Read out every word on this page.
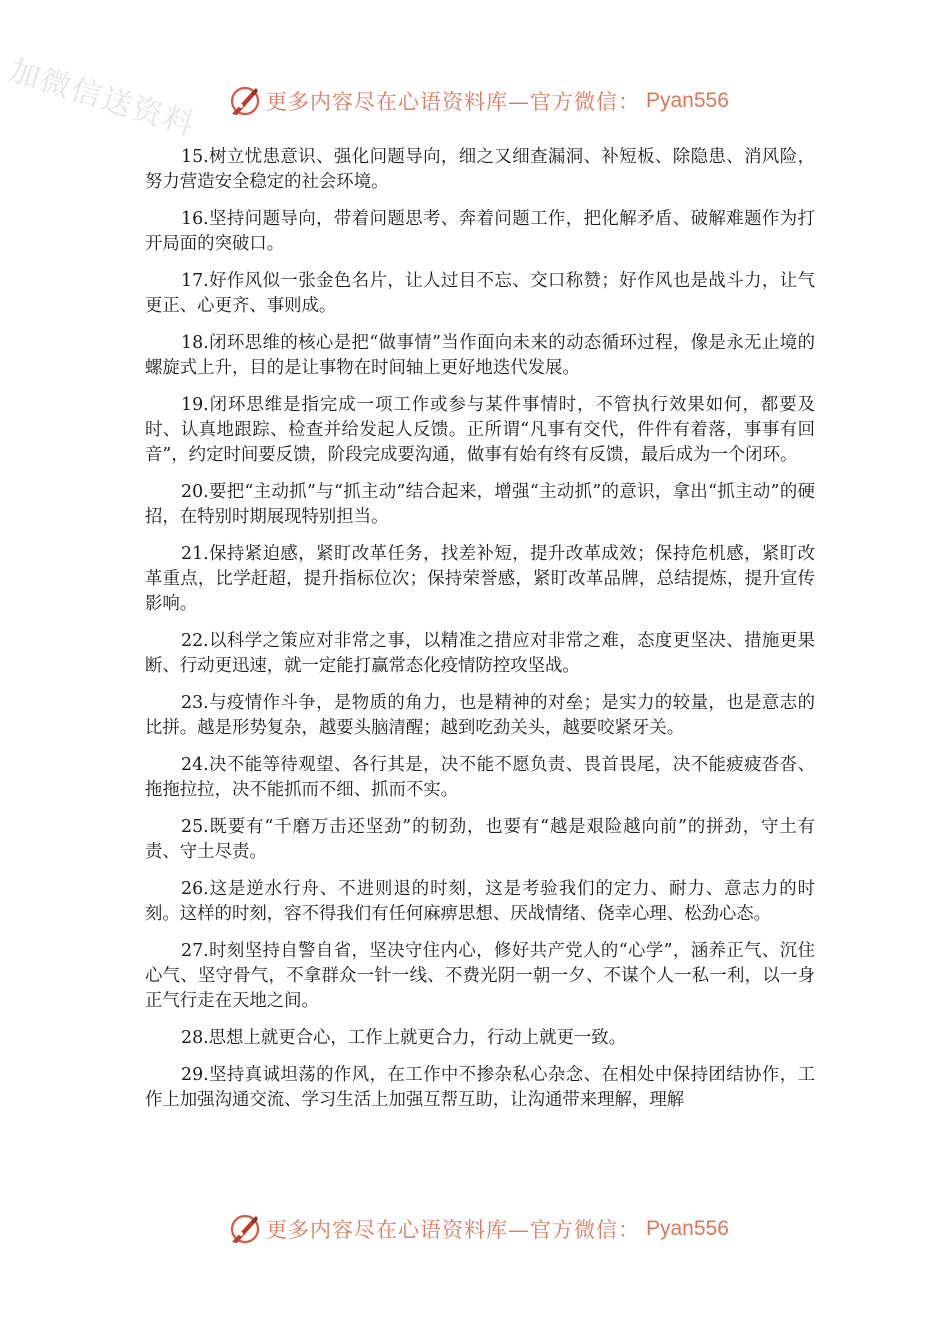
加微信送资料	更多内容尽在心语资料库—官方微信： Pyan556

15.树立忧患意识、强化问题导向，细之又细查漏洞、补短板、除隐患、消风险，努力营造安全稳定的社会环境。

16.坚持问题导向，带着问题思考、奔着问题工作，把化解矛盾、破解难题作为打开局面的突破口。

17.好作风似一张金色名片，让人过目不忘、交口称赞；好作风也是战斗力，让气更正、心更齐、事则成。

18.闭环思维的核心是把“做事情”当作面向未来的动态循环过程，像是永无止境的螺旋式上升，目的是让事物在时间轴上更好地迭代发展。

19.闭环思维是指完成一项工作或参与某件事情时，不管执行效果如何，都要及时、认真地跟踪、检查并给发起人反馈。正所谓“凡事有交代，件件有着落，事事有回音”，约定时间要反馈，阶段完成要沟通，做事有始有终有反馈，最后成为一个闭环。

20.要把“主动抓”与“抓主动”结合起来，增强“主动抓”的意识，拿出“抓主动”的硬招，在特别时期展现特别担当。

21.保持紧迫感，紧盯改革任务，找差补短，提升改革成效；保持危机感，紧盯改革重点，比学赶超，提升指标位次；保持荣誉感，紧盯改革品牌，总结提炼，提升宣传影响。

22.以科学之策应对非常之事，以精准之措应对非常之难，态度更坚决、措施更果断、行动更迅速，就一定能打赢常态化疫情防控攻坚战。

23.与疫情作斗争，是物质的角力，也是精神的对垒；是实力的较量，也是意志的比拼。越是形势复杂，越要头脑清醒；越到吃劲关头，越要咬紧牙关。

24.决不能等待观望、各行其是，决不能不愿负责、畏首畏尾，决不能疲疲沓沓、拖拖拉拉，决不能抓而不细、抓而不实。

25.既要有“千磨万击还坚劲”的韧劲，也要有“越是艰险越向前”的拼劲，守土有责、守土尽责。

26.这是逆水行舟、不进则退的时刻，这是考验我们的定力、耐力、意志力的时刻。这样的时刻，容不得我们有任何麻痹思想、厌战情绪、侥幸心理、松劲心态。

27.时刻坚持自警自省，坚决守住内心，修好共产党人的“心学”，涵养正气、沉住心气、坚守骨气，不拿群众一针一线、不费光阴一朝一夕、不谋个人一私一利，以一身正气行走在天地之间。

28.思想上就更合心，工作上就更合力，行动上就更一致。

29.坚持真诚坦荡的作风，在工作中不掺杂私心杂念、在相处中保持团结协作，工作上加强沟通交流、学习生活上加强互帮互助，让沟通带来理解，理解

更多内容尽在心语资料库—官方微信： Pyan556
